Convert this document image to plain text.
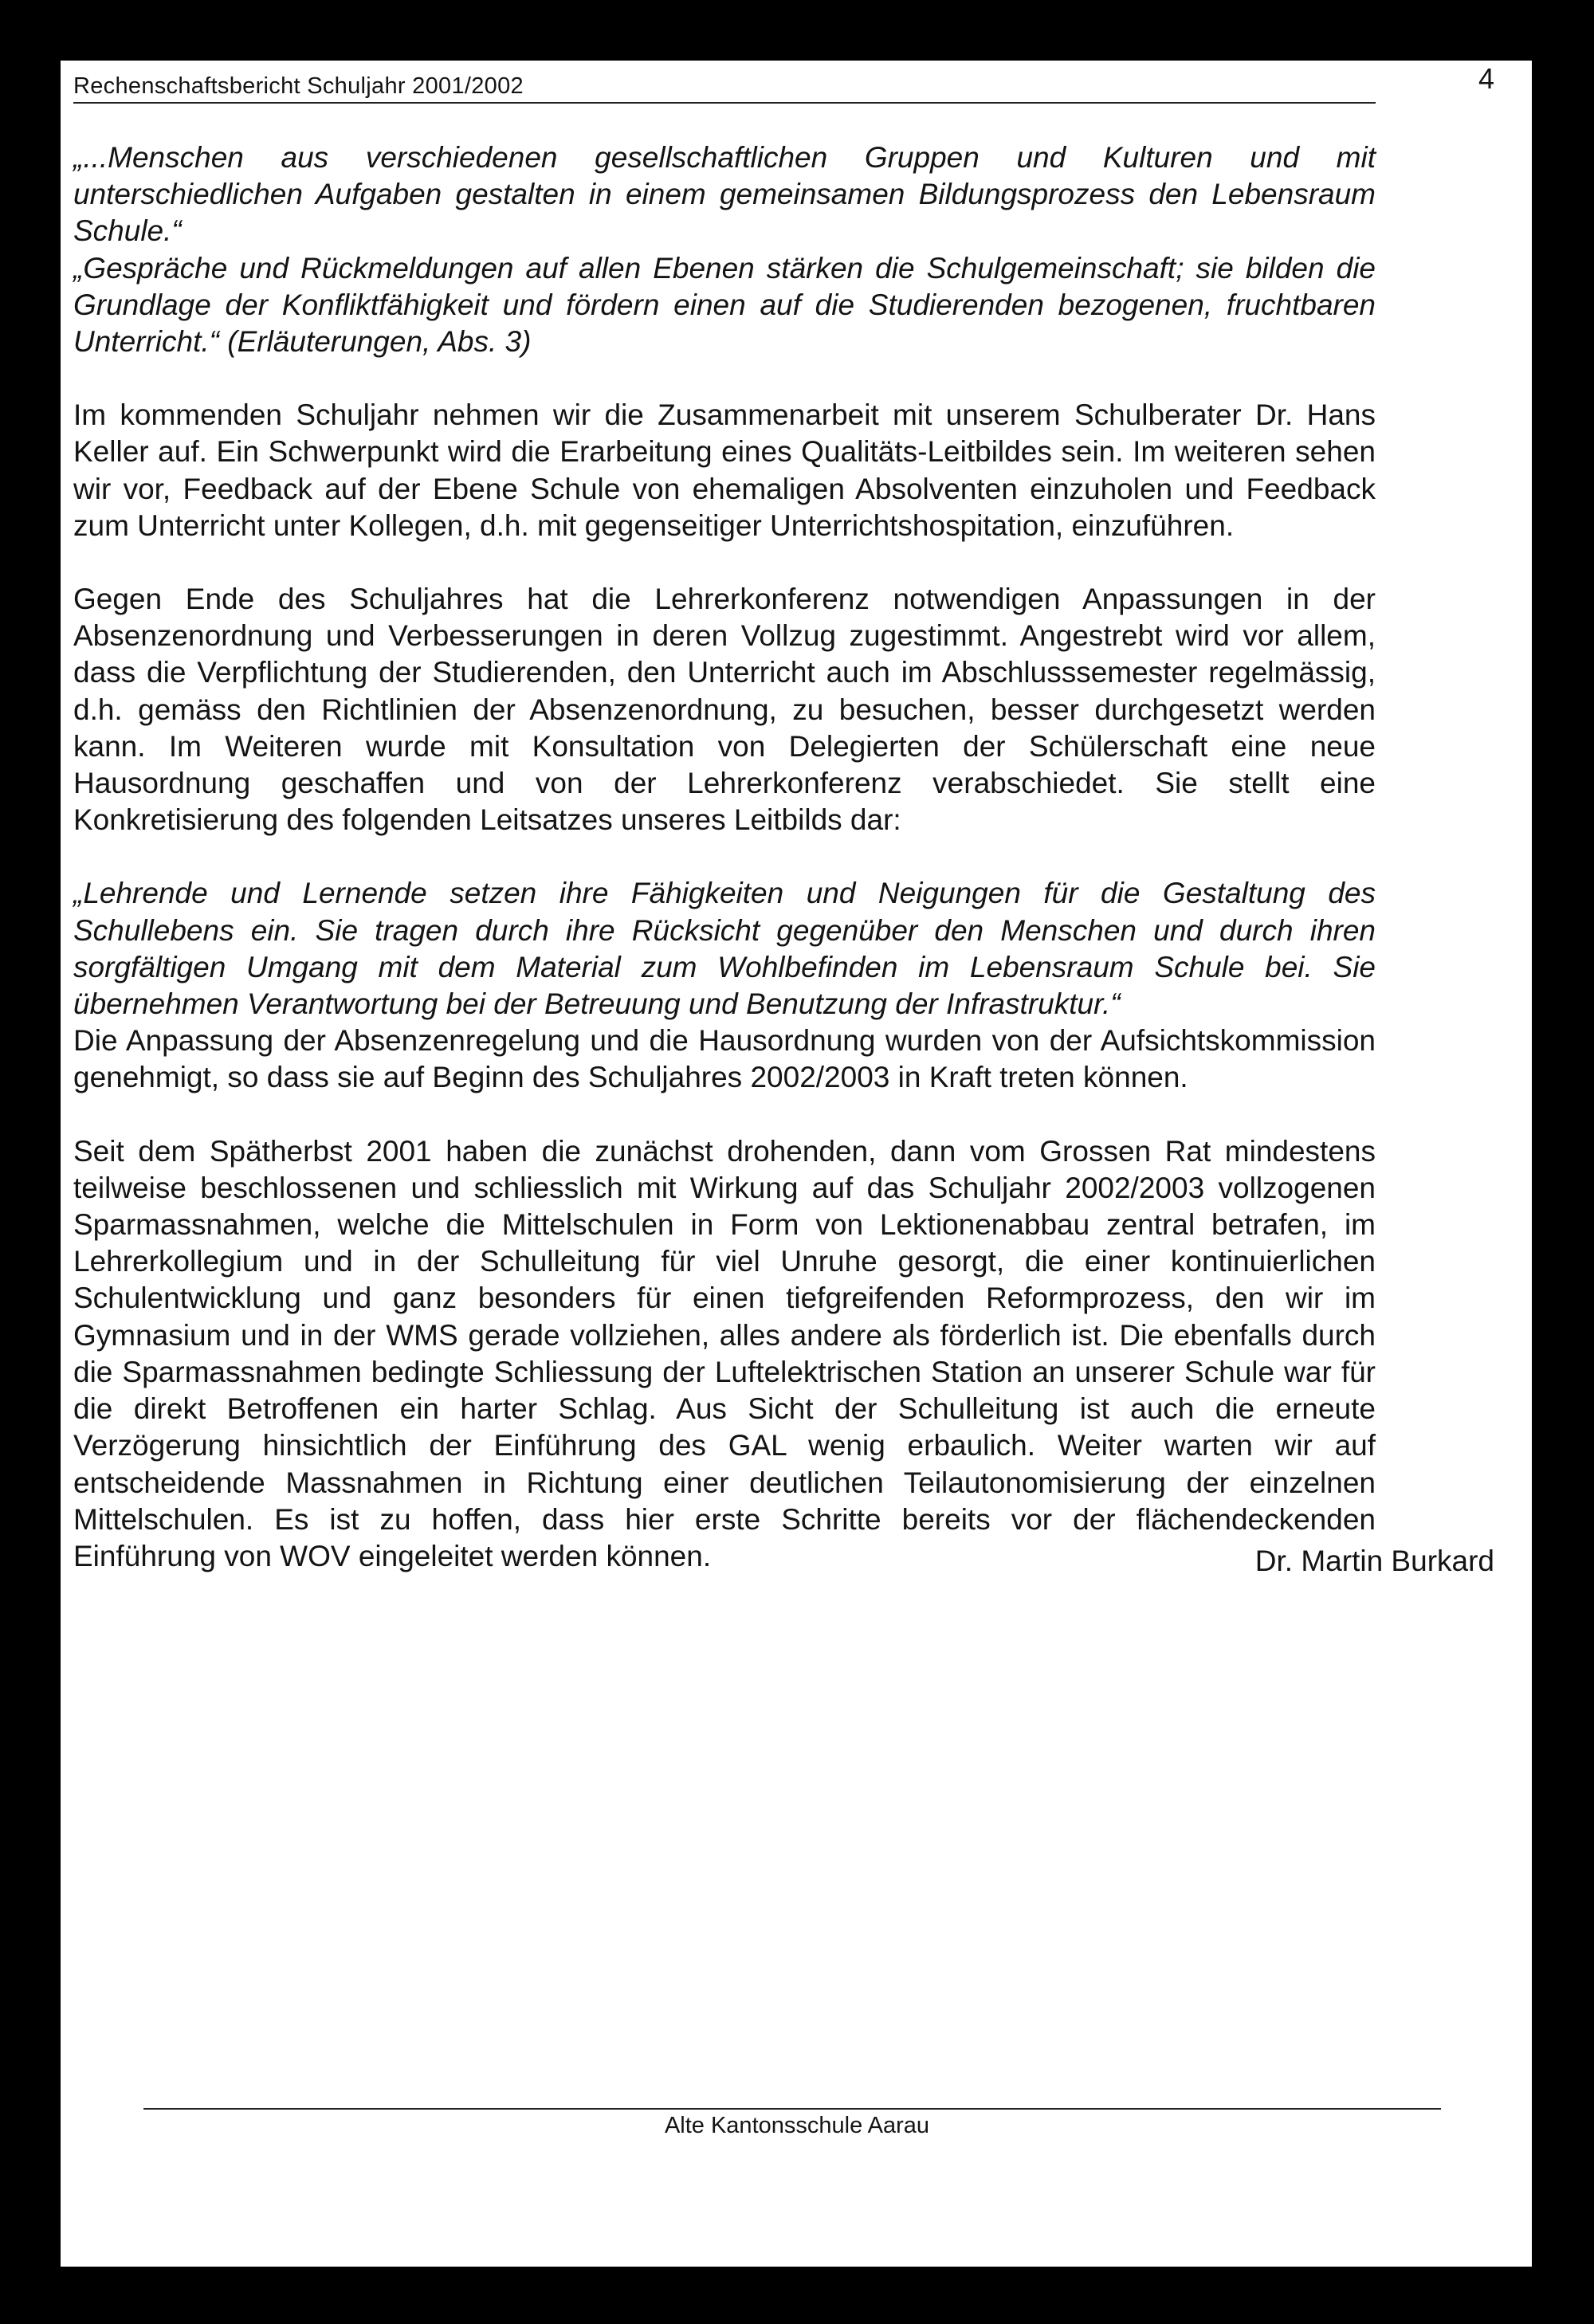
Rechenschaftsbericht Schuljahr 2001/2002	4

„...Menschen aus verschiedenen gesellschaftlichen Gruppen und Kulturen und mit unterschiedlichen Aufgaben gestalten in einem gemeinsamen Bildungsprozess den Lebensraum Schule.“
„Gespräche und Rückmeldungen auf allen Ebenen stärken die Schulgemeinschaft; sie bilden die Grundlage der Konfliktfähigkeit und fördern einen auf die Studierenden bezogenen, fruchtbaren Unterricht.“ (Erläuterungen, Abs. 3)

Im kommenden Schuljahr nehmen wir die Zusammenarbeit mit unserem Schulberater Dr. Hans Keller auf. Ein Schwerpunkt wird die Erarbeitung eines Qualitäts-Leitbildes sein. Im weiteren sehen wir vor, Feedback auf der Ebene Schule von ehemaligen Absolventen einzuholen und Feedback zum Unterricht unter Kollegen, d.h. mit gegenseitiger Unterrichtshospitation, einzuführen.

Gegen Ende des Schuljahres hat die Lehrerkonferenz notwendigen Anpassungen in der Absenzenordnung und Verbesserungen in deren Vollzug zugestimmt. Angestrebt wird vor allem, dass die Verpflichtung der Studierenden, den Unterricht auch im Abschlusssemester regelmässig, d.h. gemäss den Richtlinien der Absenzenordnung, zu besuchen, besser durchgesetzt werden kann. Im Weiteren wurde mit Konsultation von Delegierten der Schülerschaft eine neue Hausordnung geschaffen und von der Lehrerkonferenz verabschiedet. Sie stellt eine Konkretisierung des folgenden Leitsatzes unseres Leitbilds dar:

„Lehrende und Lernende setzen ihre Fähigkeiten und Neigungen für die Gestaltung des Schullebens ein. Sie tragen durch ihre Rücksicht gegenüber den Menschen und durch ihren sorgfältigen Umgang mit dem Material zum Wohlbefinden im Lebensraum Schule bei. Sie übernehmen Verantwortung bei der Betreuung und Benutzung der Infrastruktur.“

Die Anpassung der Absenzenregelung und die Hausordnung wurden von der Aufsichtskommission genehmigt, so dass sie auf Beginn des Schuljahres 2002/2003 in Kraft treten können.

Seit dem Spätherbst 2001 haben die zunächst drohenden, dann vom Grossen Rat mindestens teilweise beschlossenen und schliesslich mit Wirkung auf das Schuljahr 2002/2003 vollzogenen Sparmassnahmen, welche die Mittelschulen in Form von Lektionenabbau zentral betrafen, im Lehrerkollegium und in der Schulleitung für viel Unruhe gesorgt, die einer kontinuierlichen Schulentwicklung und ganz besonders für einen tiefgreifenden Reformprozess, den wir im Gymnasium und in der WMS gerade vollziehen, alles andere als förderlich ist. Die ebenfalls durch die Sparmassnahmen bedingte Schliessung der Luftelektrischen Station an unserer Schule war für die direkt Betroffenen ein harter Schlag. Aus Sicht der Schulleitung ist auch die erneute Verzögerung hinsichtlich der Einführung des GAL wenig erbaulich. Weiter warten wir auf entscheidende Massnahmen in Richtung einer deutlichen Teilautonomisierung der einzelnen Mittelschulen. Es ist zu hoffen, dass hier erste Schritte bereits vor der flächendeckenden Einführung von WOV eingeleitet werden können.	Dr. Martin Burkard
Alte Kantonsschule Aarau
